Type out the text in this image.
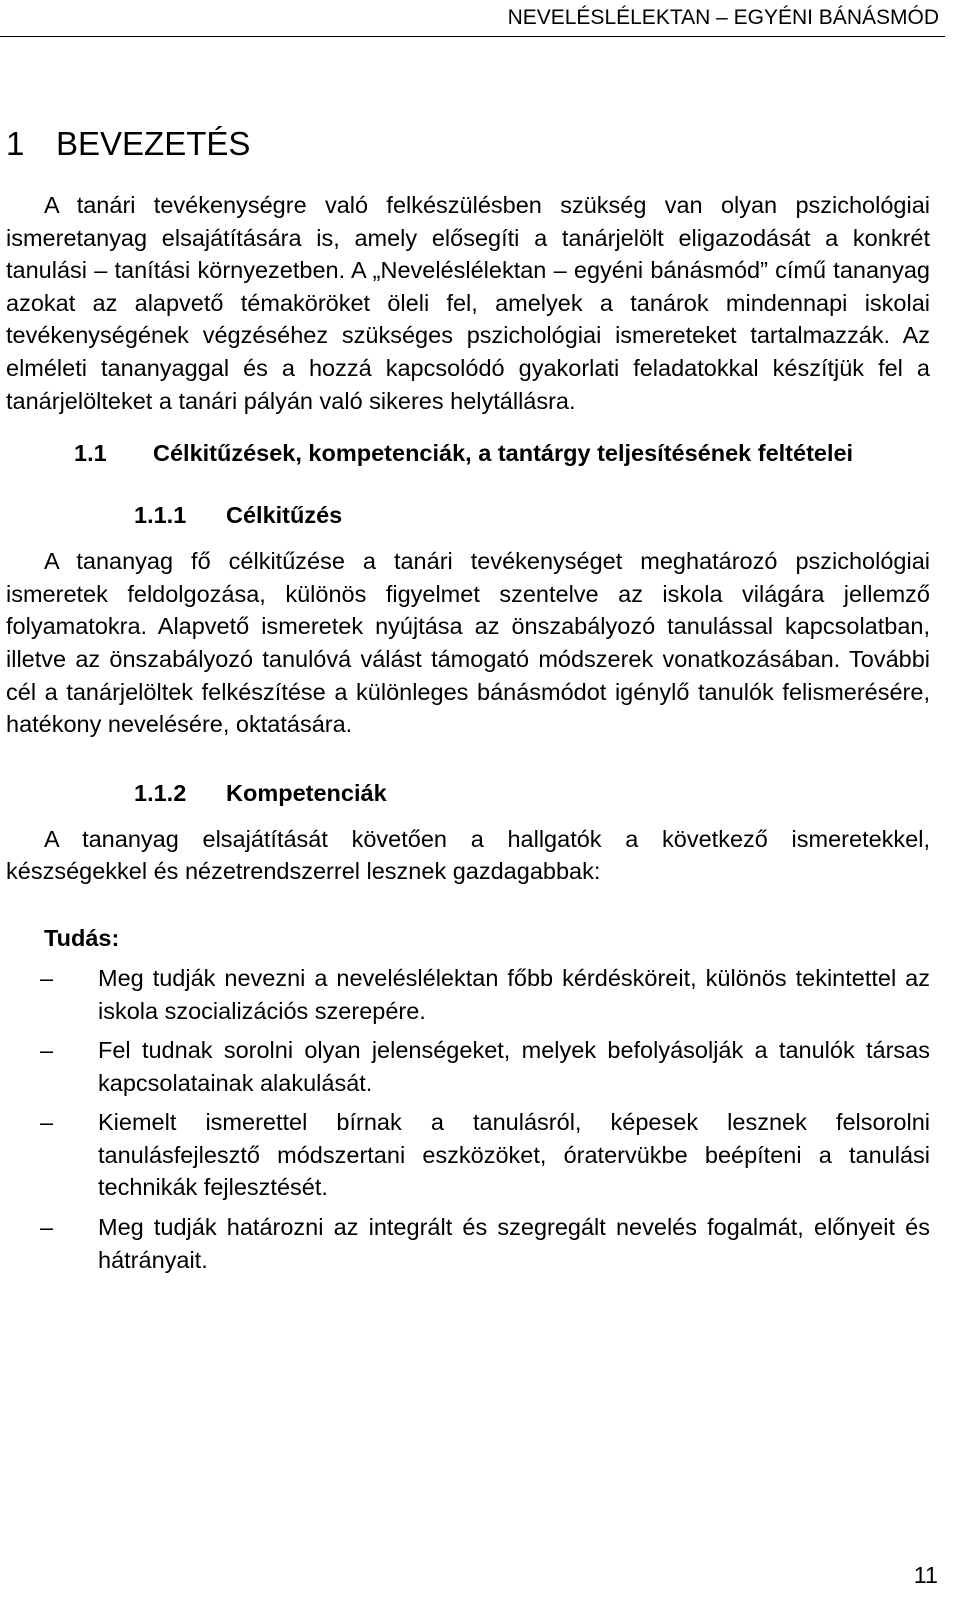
NEVELÉSLÉLEKTAN – EGYÉNI BÁNÁSMÓD
1 BEVEZETÉS

A tanári tevékenységre való felkészülésben szükség van olyan pszichológiai ismeretanyag elsajátítására is, amely elősegíti a tanárjelölt eligazodását a konkrét tanulási – tanítási környezetben. A „Neveléslélektan – egyéni bánásmód” című tananyag azokat az alapvető témaköröket öleli fel, amelyek a tanárok mindennapi iskolai tevékenységének végzéséhez szükséges pszichológiai ismereteket tartalmazzák. Az elméleti tananyaggal és a hozzá kapcsolódó gyakorlati feladatokkal készítjük fel a tanárjelölteket a tanári pályán való sikeres helytállásra.

1.1	Célkitűzések, kompetenciák, a tantárgy teljesítésének feltételei
1.1.1 Célkitűzés

A tananyag fő célkitűzése a tanári tevékenységet meghatározó pszichológiai ismeretek feldolgozása, különös figyelmet szentelve az iskola világára jellemző folyamatokra. Alapvető ismeretek nyújtása az önszabályozó tanulással kapcsolatban, illetve az önszabályozó tanulóvá válást támogató módszerek vonatkozásában. További cél a tanárjelöltek felkészítése a különleges bánásmódot igénylő tanulók felismerésére, hatékony nevelésére, oktatására.

1.1.2 Kompetenciák

A tananyag elsajátítását követően a hallgatók a következő ismeretekkel, készségekkel és nézetrendszerrel lesznek gazdagabbak:

Tudás:
– Meg tudják nevezni a neveléslélektan főbb kérdésköreit, különös tekintettel az iskola szocializációs szerepére.
– Fel tudnak sorolni olyan jelenségeket, melyek befolyásolják a tanulók társas kapcsolatainak alakulását.
– Kiemelt ismerettel bírnak a tanulásról, képesek lesznek felsorolni tanulásfejlesztő módszertani eszközöket, óratervükbe beépíteni a tanulási technikák fejlesztését.
– Meg tudják határozni az integrált és szegregált nevelés fogalmát, előnyeit és hátrányait.
11
